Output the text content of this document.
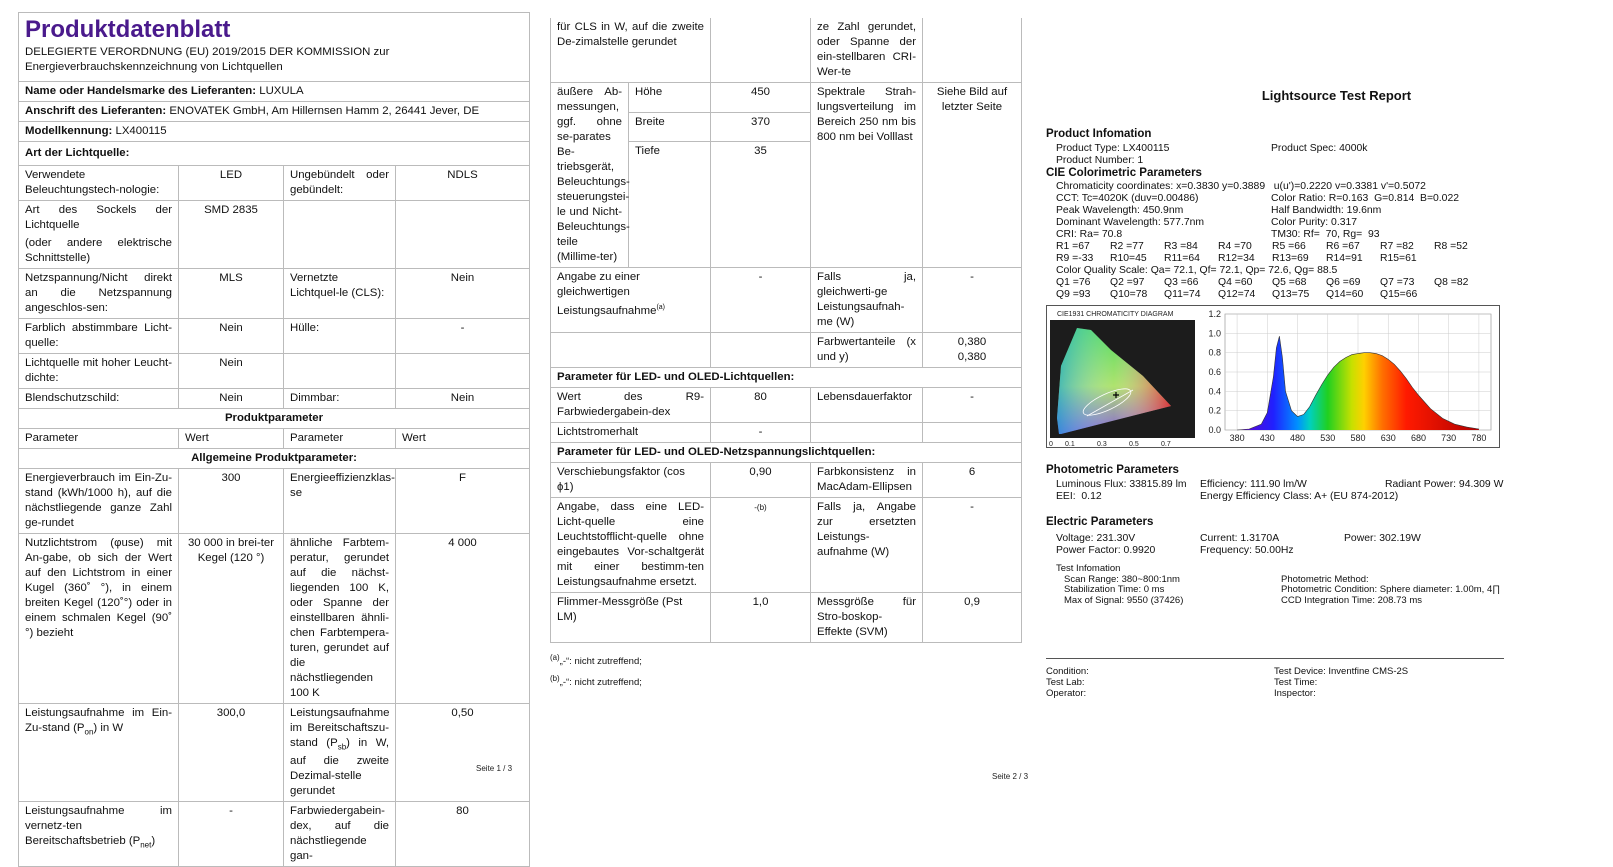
Produktdatenblatt
DELEGIERTE VERORDNUNG (EU) 2019/2015 DER KOMMISSION zur Energieverbrauchskennzeichnung von Lichtquellen			

Name oder Handelsmarke des Lieferanten: LUXULA			
Anschrift des Lieferanten: ENOVATEK GmbH, Am Hillernsen Hamm 2, 26441 Jever, DE			
Modellkennung: LX400115			
Art der Lichtquelle:			
Verwendete Beleuchtungstech-nologie:	LED	Ungebündelt oder gebündelt:	NDLS

Art des Sockels der Lichtquelle
(oder andere elektrische Schnittstelle)	SMD 2835		
Netzspannung/Nicht direkt an die Netzspannung angeschlos-sen:	MLS	Vernetzte Lichtquel-le (CLS):	Nein
Farblich abstimmbare Licht-quelle:	Nein	Hülle:	-
Lichtquelle mit hoher Leucht-dichte:	Nein		
Blendschutzschild:	Nein	Dimmbar:	Nein
Produktparameter			
Parameter	Wert	Parameter	Wert
Allgemeine Produktparameter:			
Energieverbrauch im Ein-Zu-stand (kWh/1000 h), auf die nächstliegende ganze Zahl ge-rundet	300	Energieeffizienzklas-se	F
Nutzlichtstrom (φuse) mit An-gabe, ob sich der Wert auf den Lichtstrom in einer Kugel (360˚ °), in einem breiten Kegel (120˚°) oder in einem schmalen Kegel (90˚ °) bezieht	30 000 in brei-ter Kegel (120 °)	ähnliche Farbtem-peratur, gerundet auf die nächst-liegenden 100 K, oder Spanne der einstellbaren ähnli-chen Farbtempera-turen, gerundet auf die nächstliegenden 100 K	4 000
Leistungsaufnahme im Ein-Zu-stand $(P_{on})$ in W	300,0	Leistungsaufnahme im Bereitschaftszu-stand $(P_{sb})$ in W, auf die zweite Dezimal-stelle gerundet	0,50
Leistungsaufnahme im vernetz-ten Bereitschaftsbetrieb $(P_{net})$	-	Farbwiedergabein-dex, auf die nächstliegende gan-	80
Seite 1 / 3
für CLS in W, auf die zweite De-zimalstelle gerundet			ze Zahl gerundet, oder Spanne der ein-stellbaren CRI-Wer-te	
äußere Ab-messungen, ggf. ohne se-parates Be-triebsgerät, Beleuchtungs-steuerungstei-le und Nicht-Beleuchtungs-teile (Millime-ter)	Höhe	450	Spektrale Strah-lungsverteilung im Bereich 250 nm bis 800 nm bei Volllast	Siehe Bild auf letzter Seite
	Breite	370		
	Tiefe	35		
Angabe zu einer gleichwertigen Leistungsaufnahme$^{(a)}$		-	Falls ja, gleichwerti-ge Leistungsaufnah-me (W)	-
			Farbwertanteile (x und y)	0,380
0,380

Parameter für LED- und OLED-Lichtquellen:				
Wert des R9-Farbwiedergabein-dex		80	Lebensdauerfaktor	-
Lichtstromerhalt		-		
Parameter für LED- und OLED-Netzspannungslichtquellen:				
Verschiebungsfaktor (cos ϕ1)		0,90	Farbkonsistenz in MacAdam-Ellipsen	6
Angabe, dass eine LED-Licht-quelle eine Leuchtstofflicht-quelle ohne eingebautes Vor-schaltgerät mit einer bestimm-ten Leistungsaufnahme ersetzt.		-(b)	Falls ja, Angabe zur ersetzten Leistungs-aufnahme (W)	-
Flimmer-Messgröße (Pst LM)		1,0	Messgröße für Stro-boskop-Effekte (SVM)	0,9
$^{(a)}$„-“: nicht zutreffend;
$^{(b)}$„-“: nicht zutreffend;
Seite 2 / 3
Lightsource Test Report
Product Infomation
Product Type: LX400115	Product Spec: 4000k
Product Number: 1
CIE Colorimetric Parameters
Chromaticity coordinates: x=0.3830 y=0.3889   u(u')=0.2220 v=0.3381 v'=0.5072
CCT: Tc=4020K (duv=0.00486)	Color Ratio: R=0.163  G=0.814  B=0.022
Peak Wavelength: 450.9nm	Half Bandwidth: 19.6nm
Dominant Wavelength: 577.7nm	Color Purity: 0.317
CRI: Ra= 70.8	TM30: Rf=  70, Rg=  93
R1 =67	R2 =77	R3 =84	R4 =70	R5 =66	R6 =67	R7 =82	R8 =52
R9 =-33	R10=45	R11=64	R12=34	R13=69	R14=91	R15=61
Color Quality Scale: Qa= 72.1, Qf= 72.1, Qp= 72.6, Qg= 88.5
Q1 =76	Q2 =97	Q3 =66	Q4 =60	Q5 =68	Q6 =69	Q7 =73	Q8 =82
Q9 =93	Q10=78	Q11=74	Q12=74	Q13=75	Q14=60	Q15=66
CIE1931 CHROMATICITY DIAGRAM
0 0.1	0.3	0.5	0.7
0.0
0.2
0.4
0.6
0.8
1.0
1.2
380 430 480 530 580 630 680 730 780
Photometric Parameters
Luminous Flux: 33815.89 lm	Efficiency: 111.90 lm/W	Radiant Power: 94.309 W
EEI:  0.12	Energy Efficiency Class: A+ (EU 874-2012)
Electric Parameters
Voltage: 231.30V	Current: 1.3170A	Power: 302.19W
Power Factor: 0.9920	Frequency: 50.00Hz
Test Infomation
Scan Range: 380~800:1nm	Photometric Method:
Stabilization Time: 0 ms	Photometric Condition: Sphere diameter: 1.00m, 4∏
Max of Signal: 9550 (37426)	CCD Integration Time: 208.73 ms
Condition:	Test Device: Inventfine CMS-2S
Test Lab:	Test Time:
Operator:	Inspector:
